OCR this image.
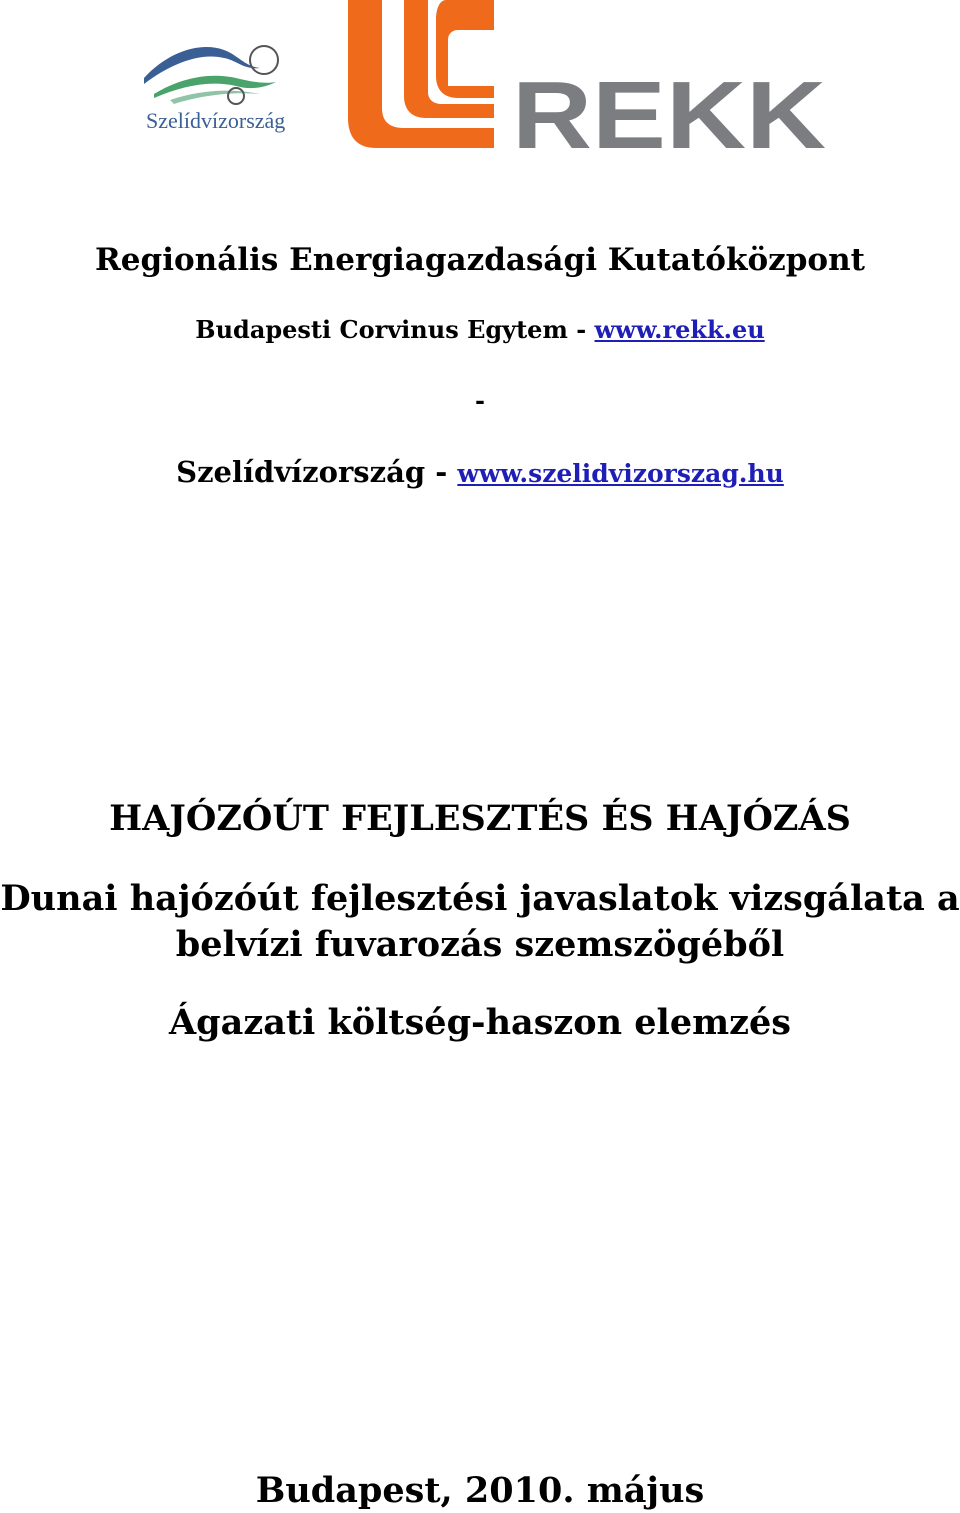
Szelídvízország REKK
Regionális Energiagazdasági Kutatóközpont
Budapesti Corvinus Egytem - www.rekk.eu
-
Szelídvízország - www.szelidvizorszag.hu
HAJÓZÓÚT FEJLESZTÉS ÉS HAJÓZÁS
Dunai hajózóút fejlesztési javaslatok vizsgálata a
belvízi fuvarozás szemszögéből
Ágazati költség-haszon elemzés
Budapest, 2010. május
